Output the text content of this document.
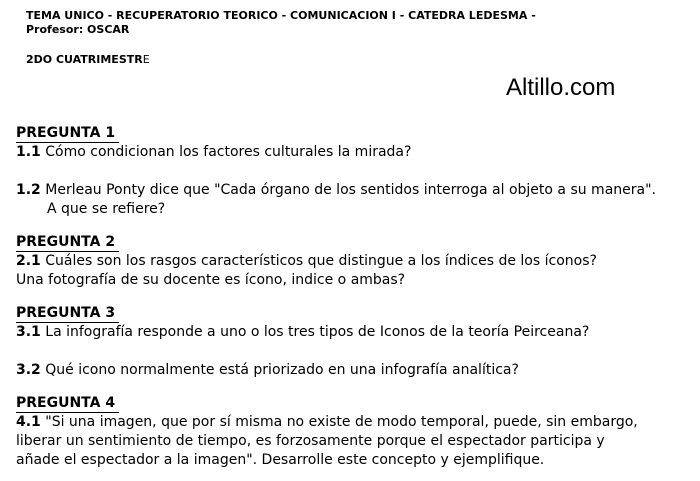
TEMA UNICO - RECUPERATORIO TEORICO - COMUNICACION I - CATEDRA LEDESMA -
Profesor: OSCAR
2DO CUATRIMESTRE
Altillo.com
PREGUNTA 1
1.1 Cómo condicionan los factores culturales la mirada?
1.2 Merleau Ponty dice que "Cada órgano de los sentidos interroga al objeto a su manera".
A que se refiere?
PREGUNTA 2
2.1 Cuáles son los rasgos característicos que distingue a los índices de los íconos?
Una fotografía de su docente es ícono, indice o ambas?
PREGUNTA 3
3.1 La infografía responde a uno o los tres tipos de Iconos de la teoría Peirceana?
3.2 Qué icono normalmente está priorizado en una infografía analítica?
PREGUNTA 4
4.1 "Si una imagen, que por sí misma no existe de modo temporal, puede, sin embargo,
liberar un sentimiento de tiempo, es forzosamente porque el espectador participa y
añade el espectador a la imagen". Desarrolle este concepto y ejemplifique.
